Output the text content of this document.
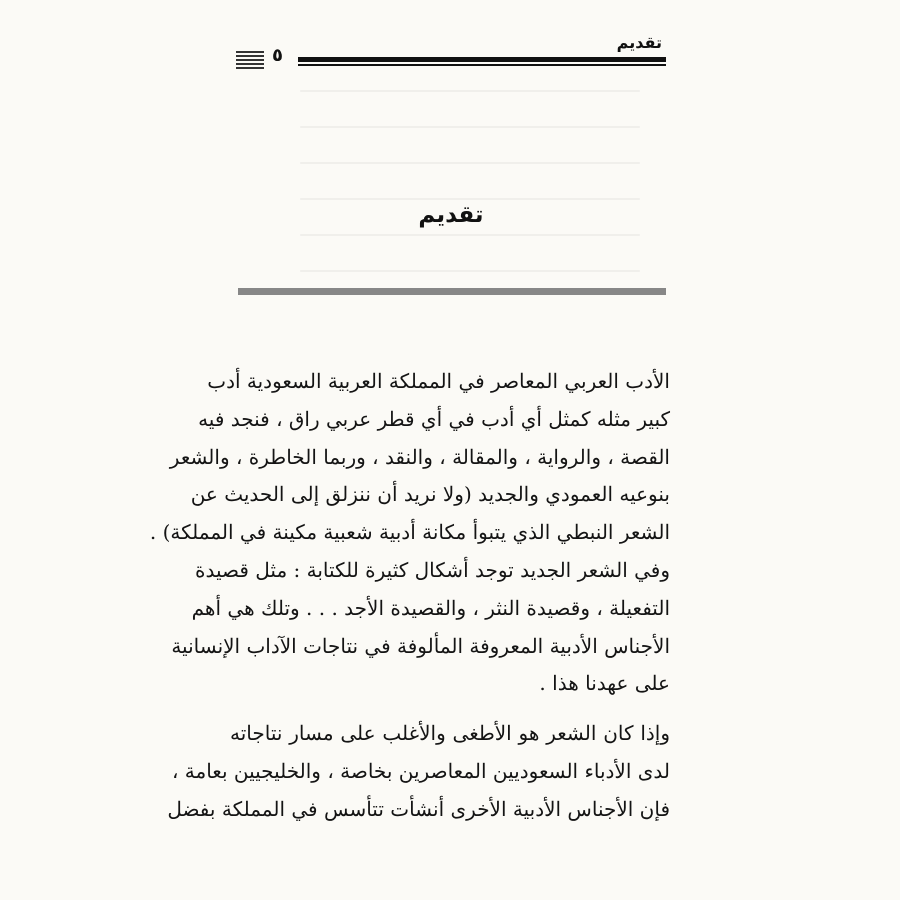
٥
تقديم
تقديم

الأدب العربي المعاصر في المملكة العربية السعودية أدب
كبير مثله كمثل أي أدب في أي قطر عربي راق ، فنجد فيه
القصة ، والرواية ، والمقالة ، والنقد ، وربما الخاطرة ، والشعر
بنوعيه العمودي والجديد (ولا نريد أن ننزلق إلى الحديث عن
الشعر النبطي الذي يتبوأ مكانة أدبية شعبية مكينة في المملكة) .
وفي الشعر الجديد توجد أشكال كثيرة للكتابة : مثل قصيدة
التفعيلة ، وقصيدة النثر ، والقصيدة الأجد . . . وتلك هي أهم
الأجناس الأدبية المعروفة المألوفة في نتاجات الآداب الإنسانية
على عهدنا هذا .

وإذا كان الشعر هو الأطغى والأغلب على مسار نتاجاته
لدى الأدباء السعوديين المعاصرين بخاصة ، والخليجيين بعامة ،
فإن الأجناس الأدبية الأخرى أنشأت تتأسس في المملكة بفضل
